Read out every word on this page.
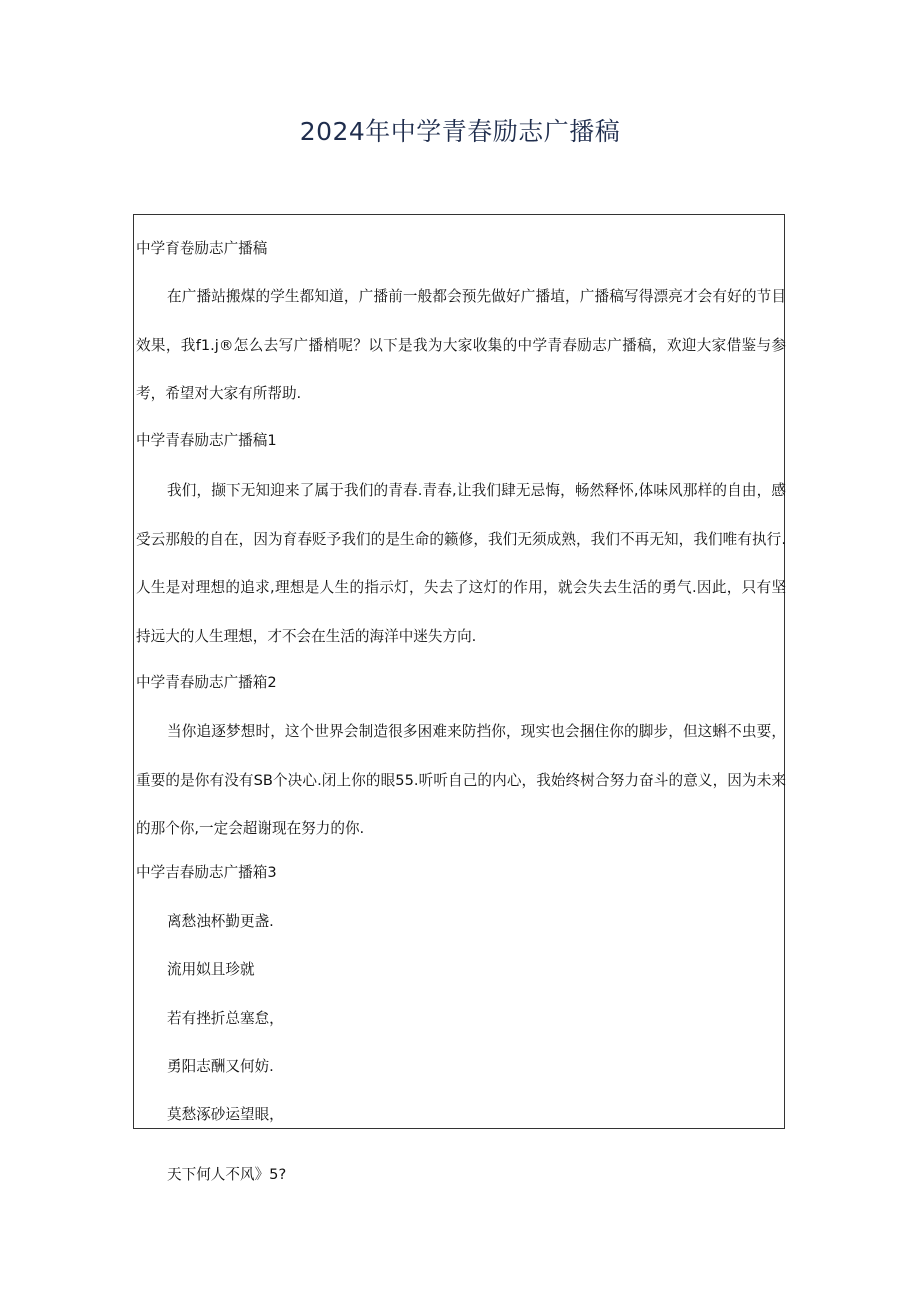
2024年中学青春励志广播稿
中学育卷励志广播稿
在广播站搬煤的学生都知道，广播前一般都会预先做好广播埴，广播稿写得漂亮才会有好的节目效果，我f1.j®怎么去写广播梢呢？以下是我为大家收集的中学青春励志广播稿，欢迎大家借鉴与参考，希望对大家有所帮助.
中学青春励志广播稿1
我们，撷下无知迎来了属于我们的青春.青春,让我们肆无忌悔，畅然释怀,体味风那样的自由，感受云那般的自在，因为育春贬予我们的是生命的籁修，我们无须成熟，我们不再无知，我们唯有执行.人生是对理想的追求,理想是人生的指示灯，失去了这灯的作用，就会失去生活的勇气.因此，只有坚持远大的人生理想，才不会在生活的海洋中迷失方向.
中学青春励志广播箱2
当你追逐梦想时，这个世界会制造很多困难来防挡你，现实也会捆住你的脚步，但这蝌不虫要，重要的是你有没有SB个决心.闭上你的眼55.听听自己的内心，我始终树合努力奋斗的意义，因为未来的那个你,一定会超谢现在努力的你.
中学吉春励志广播箱3
离愁浊杯勤更盏.
流用姒且珍就
若有挫折总塞怠，
勇阳志酬又何妨.
莫愁涿砂运望眼，
天下何人不风》5?
